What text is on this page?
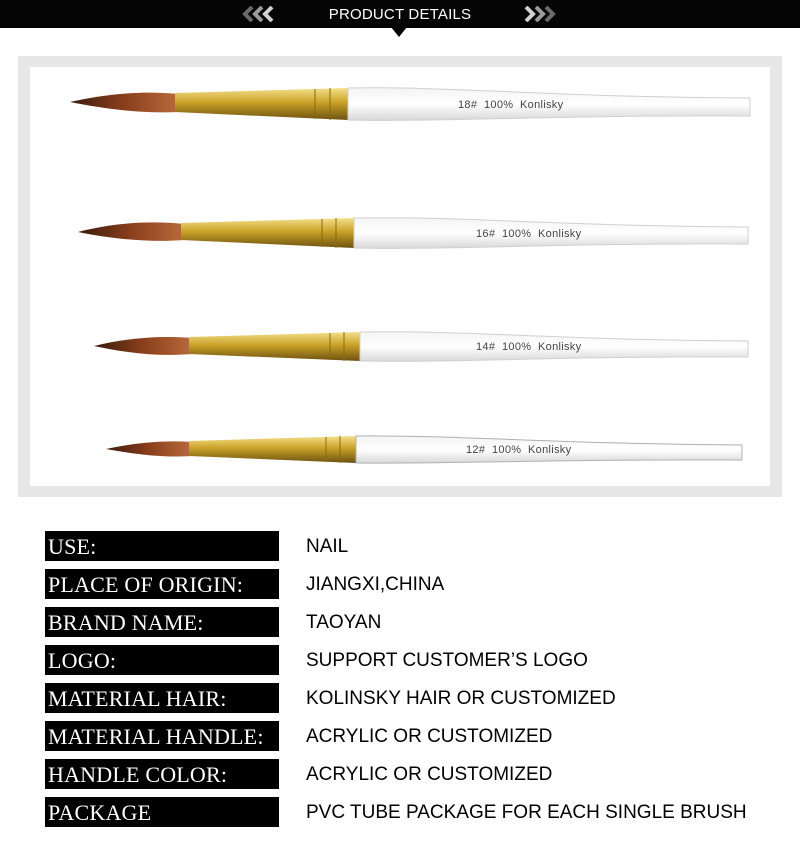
PRODUCT DETAILS
18# 100% Konlisky
16# 100% Konlisky
14# 100% Konlisky
12# 100% Konlisky
USE:	NAIL
PLACE OF ORIGIN:	JIANGXI,CHINA
BRAND NAME:	TAOYAN
LOGO:	SUPPORT CUSTOMER’S LOGO
MATERIAL HAIR:	KOLINSKY HAIR OR CUSTOMIZED
MATERIAL HANDLE:	ACRYLIC OR CUSTOMIZED
HANDLE COLOR:	ACRYLIC OR CUSTOMIZED
PACKAGE	PVC TUBE PACKAGE FOR EACH SINGLE BRUSH
